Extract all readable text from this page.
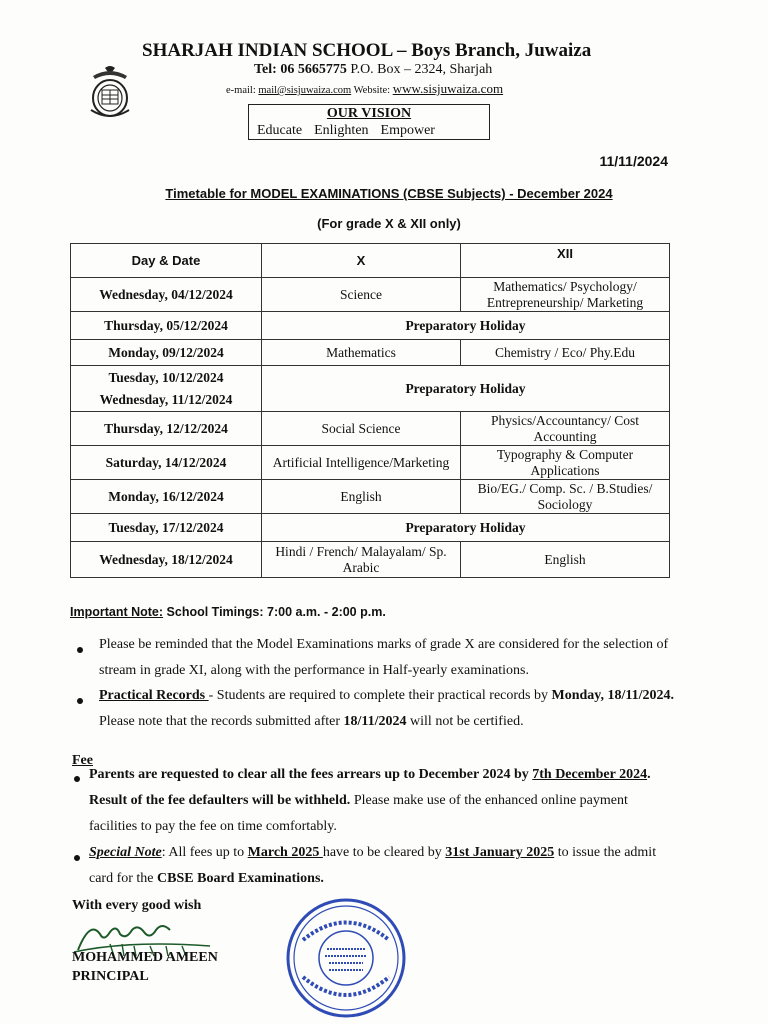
SHARJAH INDIAN SCHOOL – Boys Branch, Juwaiza
Tel: 06 5665775 P.O. Box – 2324, Sharjah
e-mail: mail@sisjuwaiza.com Website: www.sisjuwaiza.com
OUR VISION
Educate Enlighten Empower
11/11/2024
Timetable for MODEL EXAMINATIONS (CBSE Subjects) - December 2024
(For grade X & XII only)
Day & Date	X	XII
Wednesday, 04/12/2024	Science	Mathematics/ Psychology/ Entrepreneurship/ Marketing
Thursday, 05/12/2024	Preparatory Holiday	
Monday, 09/12/2024	Mathematics	Chemistry / Eco/ Phy.Edu

Tuesday, 10/12/2024
Wednesday, 11/12/2024	Preparatory Holiday	
Thursday, 12/12/2024	Social Science	Physics/Accountancy/ Cost Accounting
Saturday, 14/12/2024	Artificial Intelligence/Marketing	Typography & Computer Applications
Monday, 16/12/2024	English	Bio/EG./ Comp. Sc. / B.Studies/ Sociology
Tuesday, 17/12/2024	Preparatory Holiday	
Wednesday, 18/12/2024	Hindi / French/ Malayalam/ Sp. Arabic	English
Important Note: School Timings: 7:00 a.m. - 2:00 p.m.
Please be reminded that the Model Examinations marks of grade X are considered for the selection of stream in grade XI, along with the performance in Half-yearly examinations.
Practical Records - Students are required to complete their practical records by Monday, 18/11/2024. Please note that the records submitted after 18/11/2024 will not be certified.
Fee
Parents are requested to clear all the fees arrears up to December 2024 by 7th December 2024. Result of the fee defaulters will be withheld. Please make use of the enhanced online payment facilities to pay the fee on time comfortably.
Special Note: All fees up to March 2025 have to be cleared by 31st January 2025 to issue the admit card for the CBSE Board Examinations.
With every good wish
MOHAMMED AMEEN
PRINCIPAL
